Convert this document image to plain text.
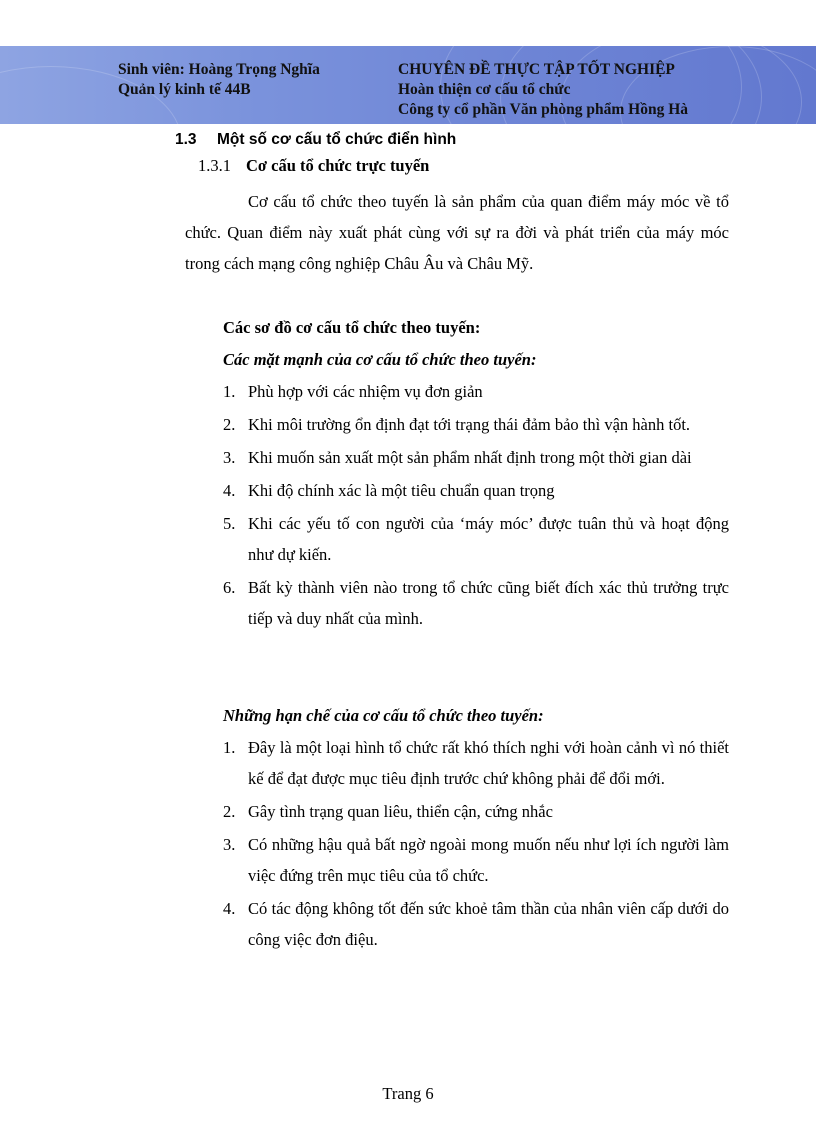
Sinh viên: Hoàng Trọng Nghĩa
Quản lý kinh tế 44B
CHUYÊN ĐỀ THỰC TẬP TỐT NGHIỆP
Hoàn thiện cơ cấu tổ chức
Công ty cổ phần Văn phòng phẩm Hồng Hà
1.3 Một số cơ cấu tổ chức điển hình
1.3.1 Cơ cấu tổ chức trực tuyến
Cơ cấu tổ chức theo tuyến là sản phẩm của quan điểm máy móc về tổ chức. Quan điểm này xuất phát cùng với sự ra đời và phát triển của máy móc trong cách mạng công nghiệp Châu Âu và Châu Mỹ.
Các sơ đồ cơ cấu tổ chức theo tuyến:
Các mặt mạnh của cơ cấu tổ chức theo tuyến:
1. Phù hợp với các nhiệm vụ đơn giản
2. Khi môi trường ổn định đạt tới trạng thái đảm bảo thì vận hành tốt.
3. Khi muốn sản xuất một sản phẩm nhất định trong một thời gian dài
4. Khi độ chính xác là một tiêu chuẩn quan trọng
5. Khi các yếu tố con người của ‘máy móc’ được tuân thủ và hoạt động như dự kiến.
6. Bất kỳ thành viên nào trong tổ chức cũng biết đích xác thủ trưởng trực tiếp và duy nhất của mình.
Những hạn chế của cơ cấu tổ chức theo tuyến:
1. Đây là một loại hình tổ chức rất khó thích nghi với hoàn cảnh vì nó thiết kế để đạt được mục tiêu định trước chứ không phải để đổi mới.
2. Gây tình trạng quan liêu, thiển cận, cứng nhắc
3. Có những hậu quả bất ngờ ngoài mong muốn nếu như lợi ích người làm việc đứng trên mục tiêu của tổ chức.
4. Có tác động không tốt đến sức khoẻ tâm thần của nhân viên cấp dưới do công việc đơn điệu.
Trang 6
